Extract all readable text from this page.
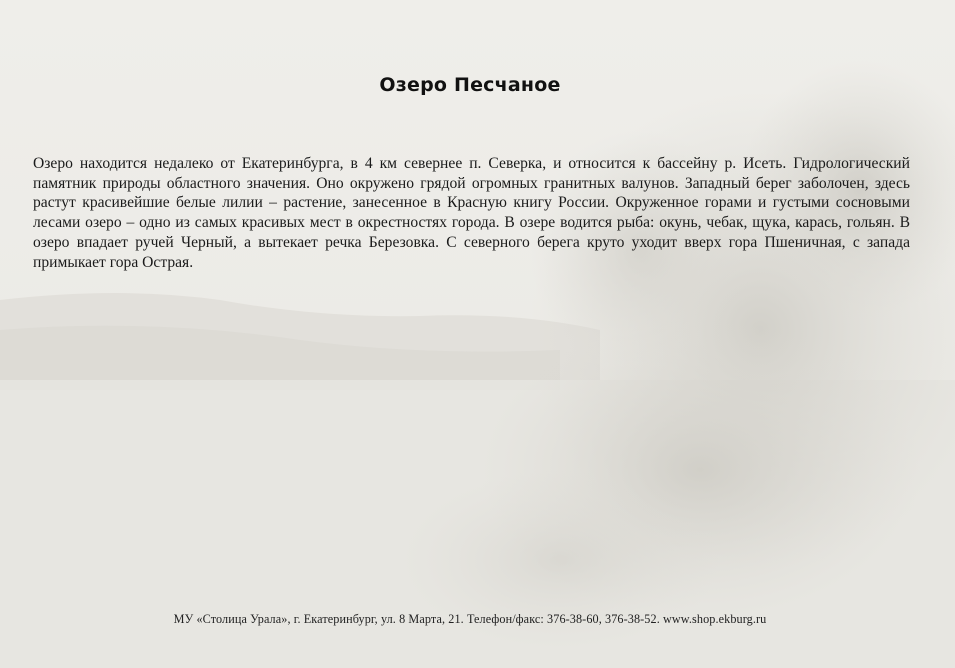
Озеро Песчаное
Озеро находится недалеко от Екатеринбурга, в 4 км севернее п. Северка, и относится к бассейну р. Исеть. Гидрологический памятник природы областного значения. Оно окружено грядой огромных гранитных валунов. Западный берег заболочен, здесь растут красивейшие белые лилии – растение, занесенное в Красную книгу России. Окруженное горами и густыми сосновыми лесами озеро – одно из самых красивых мест в окрестностях города. В озере водится рыба: окунь, чебак, щука, карась, гольян. В озеро впадает ручей Черный, а вытекает речка Березовка. С северного берега круто уходит вверх гора Пшеничная, с запада примыкает гора Острая.
МУ «Столица Урала», г. Екатеринбург, ул. 8 Марта, 21. Телефон/факс: 376-38-60, 376-38-52. www.shop.ekburg.ru
